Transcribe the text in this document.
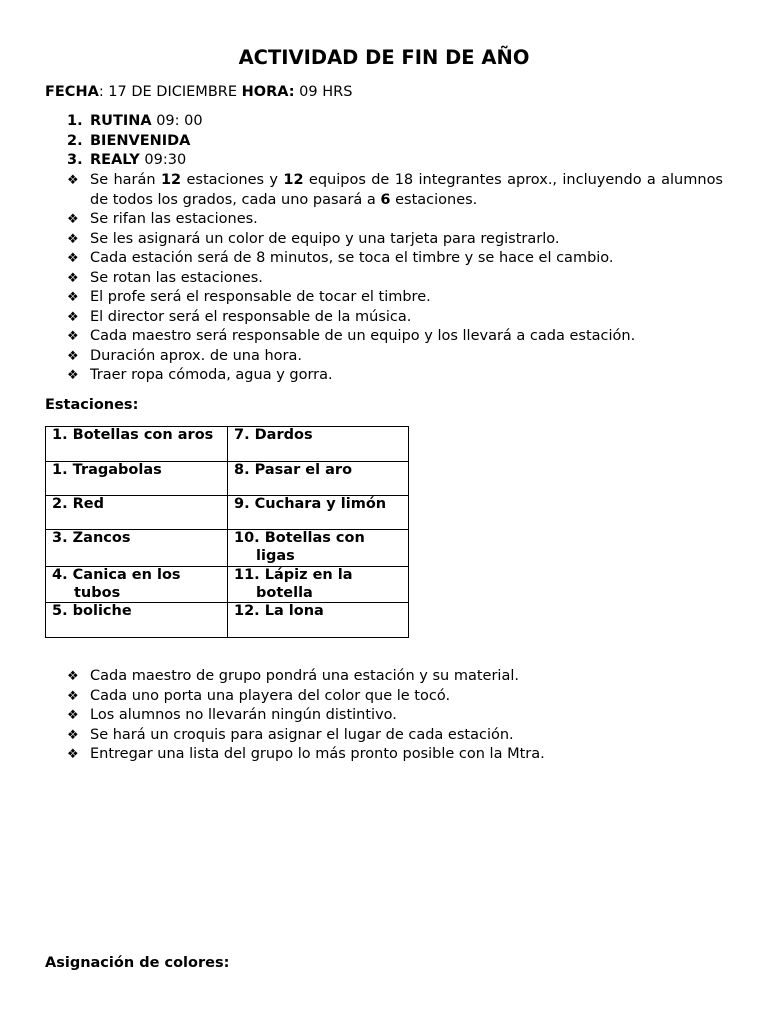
ACTIVIDAD DE FIN DE AÑO
FECHA: 17 DE DICIEMBRE HORA: 09 HRS
1. RUTINA 09: 00
2. BIENVENIDA
3. REALY 09:30
❖ Se harán 12 estaciones y 12 equipos de 18 integrantes aprox., incluyendo a alumnos de todos los grados, cada uno pasará a 6 estaciones.
❖ Se rifan las estaciones.
❖ Se les asignará un color de equipo y una tarjeta para registrarlo.
❖ Cada estación será de 8 minutos, se toca el timbre y se hace el cambio.
❖ Se rotan las estaciones.
❖ El profe será el responsable de tocar el timbre.
❖ El director será el responsable de la música.
❖ Cada maestro será responsable de un equipo y los llevará a cada estación.
❖ Duración aprox. de una hora.
❖ Traer ropa cómoda, agua y gorra.
Estaciones:
1. Botellas con aros	7. Dardos

1. Tragabolas	8. Pasar el aro

2. Red	9. Cuchara y limón

3. Zancos	10. Botellas con ligas

4. Canica en los tubos	11. Lápiz en la botella

5. boliche	12. La lona
❖ Cada maestro de grupo pondrá una estación y su material.
❖ Cada uno porta una playera del color que le tocó.
❖ Los alumnos no llevarán ningún distintivo.
❖ Se hará un croquis para asignar el lugar de cada estación.
❖ Entregar una lista del grupo lo más pronto posible con la Mtra.
Asignación de colores:
